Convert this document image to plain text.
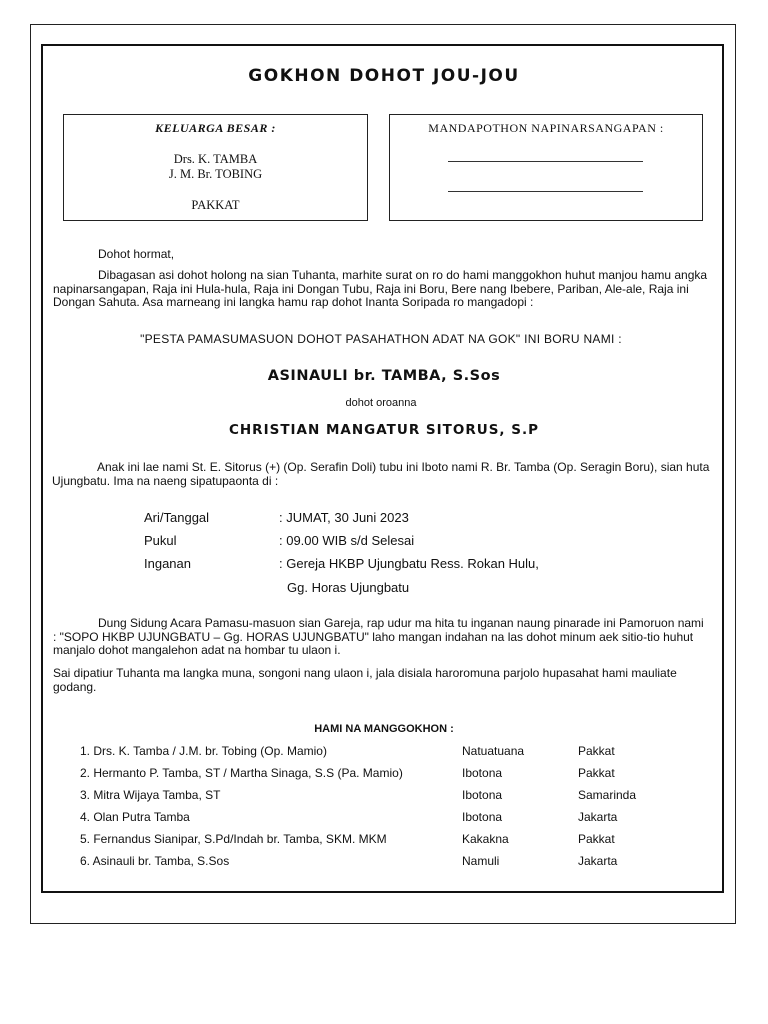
GOKHON DOHOT JOU-JOU
KELUARGA BESAR :
Drs. K. TAMBA
J. M. Br. TOBING
PAKKAT
MANDAPOTHON NAPINARSANGAPAN :
Dohot hormat,
Dibagasan asi dohot holong na sian Tuhanta, marhite surat on ro do hami manggokhon huhut manjou hamu angka napinarsangapan, Raja ini Hula-hula, Raja ini Dongan Tubu, Raja ini Boru, Bere nang Ibebere, Pariban, Ale-ale, Raja ini Dongan Sahuta. Asa marneang ini langka hamu rap dohot Inanta Soripada ro mangadopi :
"PESTA PAMASUMASUON DOHOT PASAHATHON ADAT NA GOK" INI BORU NAMI :
ASINAULI br. TAMBA, S.Sos
dohot oroanna
CHRISTIAN MANGATUR SITORUS, S.P
Anak ini lae nami St. E. Sitorus (+) (Op. Serafin Doli) tubu ini Iboto nami R. Br. Tamba (Op. Seragin Boru), sian huta Ujungbatu. Ima na naeng sipatupaonta di :
Ari/Tanggal	: JUMAT, 30 Juni 2023
Pukul	: 09.00 WIB s/d Selesai
Inganan	: Gereja HKBP Ujungbatu Ress. Rokan Hulu,
Gg. Horas Ujungbatu
Dung Sidung Acara Pamasu-masuon sian Gareja, rap udur ma hita tu inganan naung pinarade ini Pamoruon nami : "SOPO HKBP UJUNGBATU – Gg. HORAS UJUNGBATU" laho mangan indahan na las dohot minum aek sitio-tio huhut manjalo dohot mangalehon adat na hombar tu ulaon i.
Sai dipatiur Tuhanta ma langka muna, songoni nang ulaon i, jala disiala haroromuna parjolo hupasahat hami mauliate godang.
HAMI NA MANGGOKHON :
1. Drs. K. Tamba / J.M. br. Tobing (Op. Mamio)	Natuatuana	Pakkat
2. Hermanto P. Tamba, ST / Martha Sinaga, S.S (Pa. Mamio)	Ibotona	Pakkat
3. Mitra Wijaya Tamba, ST	Ibotona	Samarinda
4. Olan Putra Tamba	Ibotona	Jakarta
5. Fernandus Sianipar, S.Pd/Indah br. Tamba, SKM. MKM	Kakakna	Pakkat
6. Asinauli br. Tamba, S.Sos	Namuli	Jakarta
